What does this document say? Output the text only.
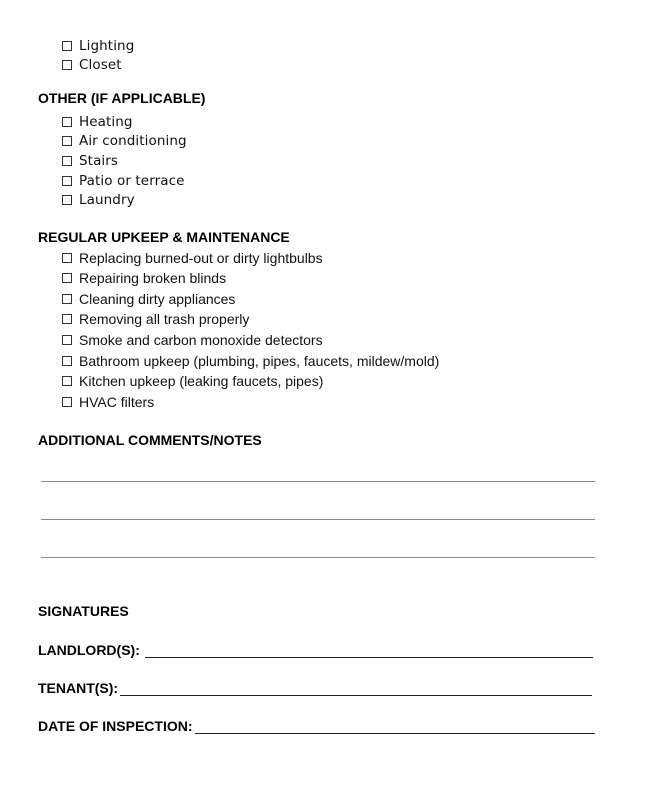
Lighting
Closet
OTHER (IF APPLICABLE)
Heating
Air conditioning
Stairs
Patio or terrace
Laundry
REGULAR UPKEEP & MAINTENANCE
Replacing burned-out or dirty lightbulbs
Repairing broken blinds
Cleaning dirty appliances
Removing all trash properly
Smoke and carbon monoxide detectors
Bathroom upkeep (plumbing, pipes, faucets, mildew/mold)
Kitchen upkeep (leaking faucets, pipes)
HVAC filters
ADDITIONAL COMMENTS/NOTES
SIGNATURES
LANDLORD(S):
TENANT(S):
DATE OF INSPECTION:
